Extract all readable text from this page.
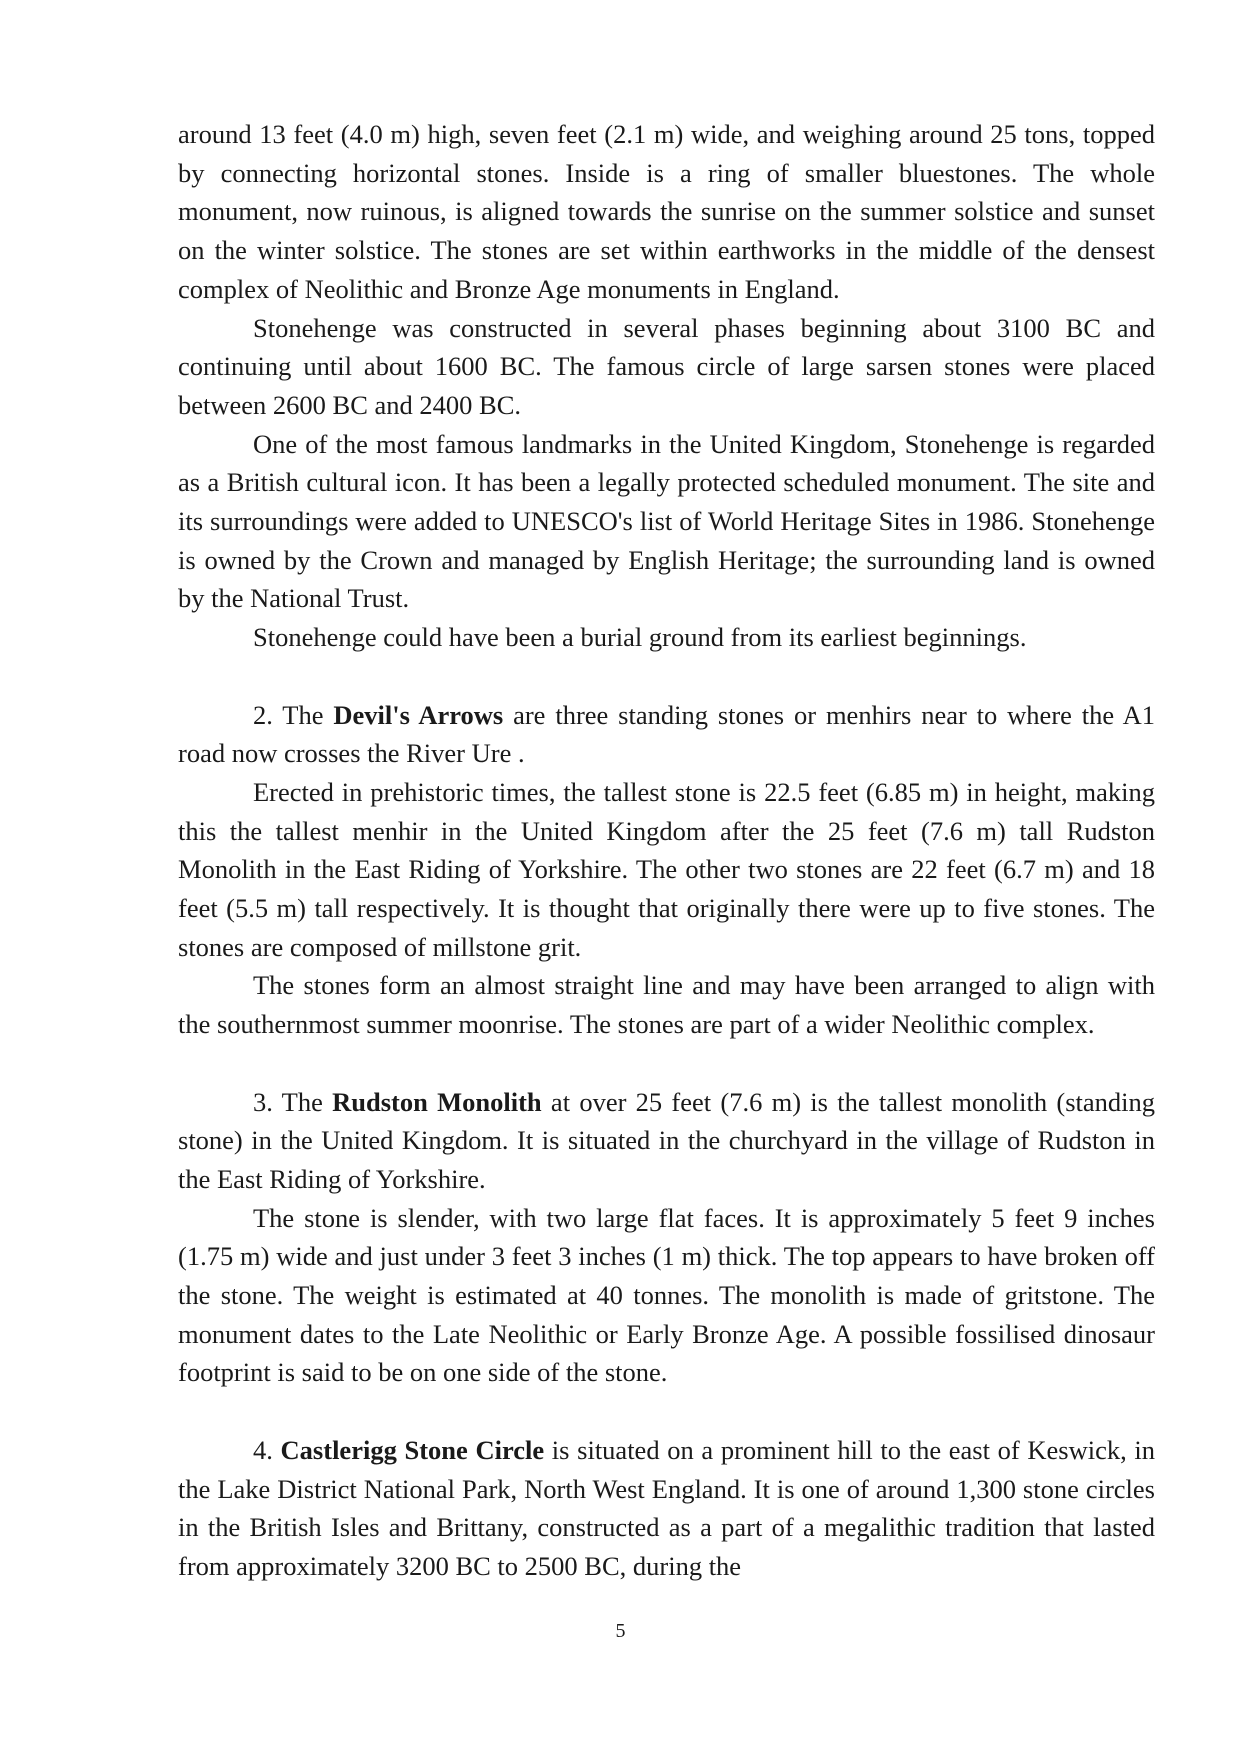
around 13 feet (4.0 m) high, seven feet (2.1 m) wide, and weighing around 25 tons, topped by connecting horizontal stones. Inside is a ring of smaller bluestones. The whole monument, now ruinous, is aligned towards the sunrise on the summer solstice and sunset on the winter solstice. The stones are set within earthworks in the middle of the densest complex of Neolithic and Bronze Age monuments in England.

Stonehenge was constructed in several phases beginning about 3100 BC and continuing until about 1600 BC. The famous circle of large sarsen stones were placed between 2600 BC and 2400 BC.

One of the most famous landmarks in the United Kingdom, Stonehenge is regarded as a British cultural icon. It has been a legally protected scheduled monument. The site and its surroundings were added to UNESCO's list of World Heritage Sites in 1986. Stonehenge is owned by the Crown and managed by English Heritage; the surrounding land is owned by the National Trust.

Stonehenge could have been a burial ground from its earliest beginnings.

2. The Devil's Arrows are three standing stones or menhirs near to where the A1 road now crosses the River Ure .

Erected in prehistoric times, the tallest stone is 22.5 feet (6.85 m) in height, making this the tallest menhir in the United Kingdom after the 25 feet (7.6 m) tall Rudston Monolith in the East Riding of Yorkshire. The other two stones are 22 feet (6.7 m) and 18 feet (5.5 m) tall respectively. It is thought that originally there were up to five stones. The stones are composed of millstone grit.

The stones form an almost straight line and may have been arranged to align with the southernmost summer moonrise. The stones are part of a wider Neolithic complex.

3. The Rudston Monolith at over 25 feet (7.6 m) is the tallest monolith (standing stone) in the United Kingdom. It is situated in the churchyard in the village of Rudston in the East Riding of Yorkshire.

The stone is slender, with two large flat faces. It is approximately 5 feet 9 inches (1.75 m) wide and just under 3 feet 3 inches (1 m) thick. The top appears to have broken off the stone. The weight is estimated at 40 tonnes. The monolith is made of gritstone. The monument dates to the Late Neolithic or Early Bronze Age. A possible fossilised dinosaur footprint is said to be on one side of the stone.

4. Castlerigg Stone Circle is situated on a prominent hill to the east of Keswick, in the Lake District National Park, North West England. It is one of around 1,300 stone circles in the British Isles and Brittany, constructed as a part of a megalithic tradition that lasted from approximately 3200 BC to 2500 BC, during the

5
